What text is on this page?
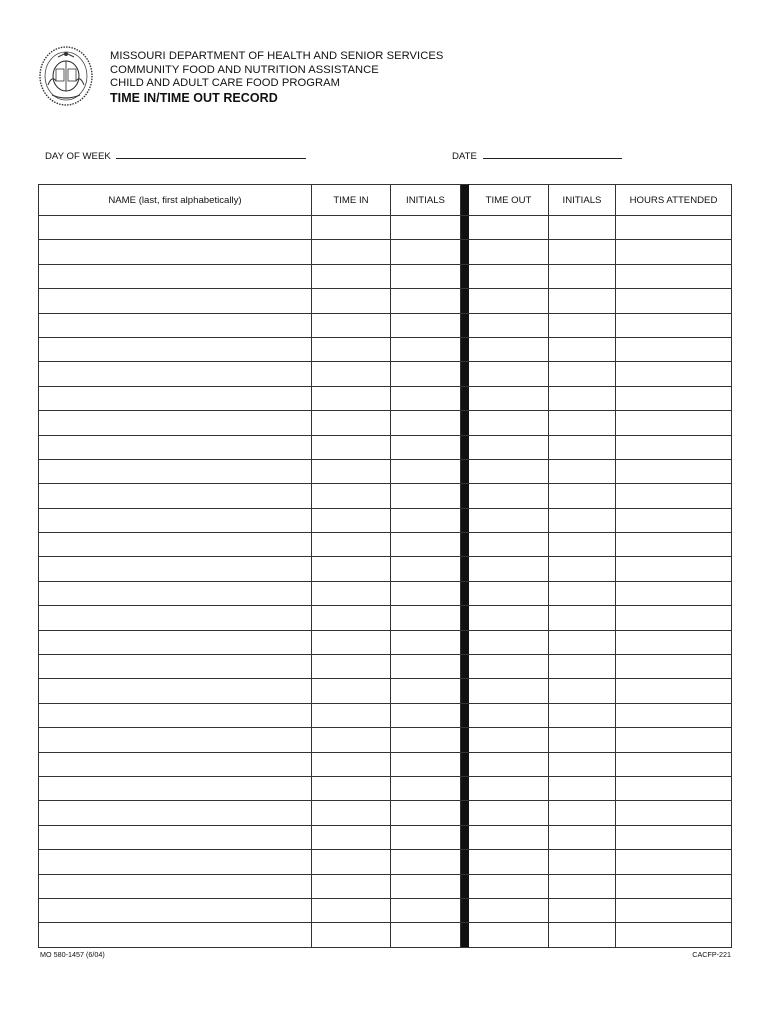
MISSOURI DEPARTMENT OF HEALTH AND SENIOR SERVICES
COMMUNITY FOOD AND NUTRITION ASSISTANCE
CHILD AND ADULT CARE FOOD PROGRAM
TIME IN/TIME OUT RECORD
DAY OF WEEK	DATE
NAME (last, first alphabetically)	TIME IN	INITIALS		TIME OUT	INITIALS	HOURS ATTENDED

MO 580-1457 (6/04)	CACFP-221
